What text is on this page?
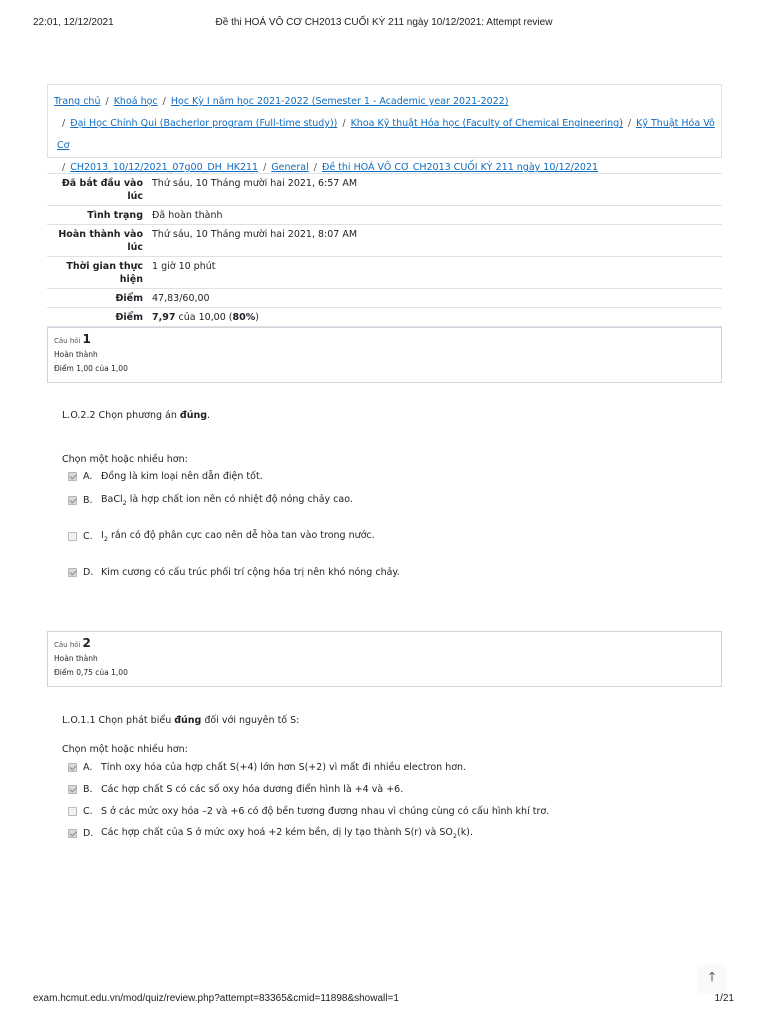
22:01, 12/12/2021	Đề thi HOÁ VÔ CƠ CH2013 CUỐI KỲ 211 ngày 10/12/2021: Attempt review
Trang chủ / Khoá học / Học Kỳ I năm học 2021-2022 (Semester 1 - Academic year 2021-2022)
/ Đại Học Chính Qui (Bacherlor program (Full-time study)) / Khoa Kỹ thuật Hóa học (Faculty of Chemical Engineering) / Kỹ Thuật Hóa Vô Cơ
/ CH2013_10/12/2021_07g00_DH_HK211 / General / Đề thi HOÁ VÔ CƠ CH2013 CUỐI KỲ 211 ngày 10/12/2021
Đã bắt đầu vào lúc
Thứ sáu, 10 Tháng mười hai 2021, 6:57 AM
Tình trạng Đã hoàn thành
Hoàn thành vào lúc
Thứ sáu, 10 Tháng mười hai 2021, 8:07 AM
Thời gian thực hiện
1 giờ 10 phút
Điểm 47,83/60,00
Điểm 7,97 của 10,00 (80%)
Câu hỏi 1
Hoàn thành
Điểm 1,00 của 1,00
L.O.2.2 Chọn phương án đúng.
Chọn một hoặc nhiều hơn:
A. Đồng là kim loại nên dẫn điện tốt.
B. BaCl$_2$ là hợp chất ion nên có nhiệt độ nóng chảy cao.
C. $I_2$ rắn có độ phân cực cao nên dễ hòa tan vào trong nước.
D. Kim cương có cấu trúc phối trí cộng hóa trị nên khó nóng chảy.
Câu hỏi 2
Hoàn thành
Điểm 0,75 của 1,00
L.O.1.1 Chọn phát biểu đúng đối với nguyên tố S:
Chọn một hoặc nhiều hơn:
A. Tính oxy hóa của hợp chất S(+4) lớn hơn S(+2) vì mất đi nhiều electron hơn.
B. Các hợp chất S có các số oxy hóa dương điển hình là +4 và +6.
C. S ở các mức oxy hóa –2 và +6 có độ bền tương đương nhau vì chúng cùng có cấu hình khí trơ.
D. Các hợp chất của S ở mức oxy hoá +2 kém bền, dị ly tạo thành S(r) và $SO_2(k)$.
🡑
exam.hcmut.edu.vn/mod/quiz/review.php?attempt=83365&cmid=11898&showall=1	1/21
